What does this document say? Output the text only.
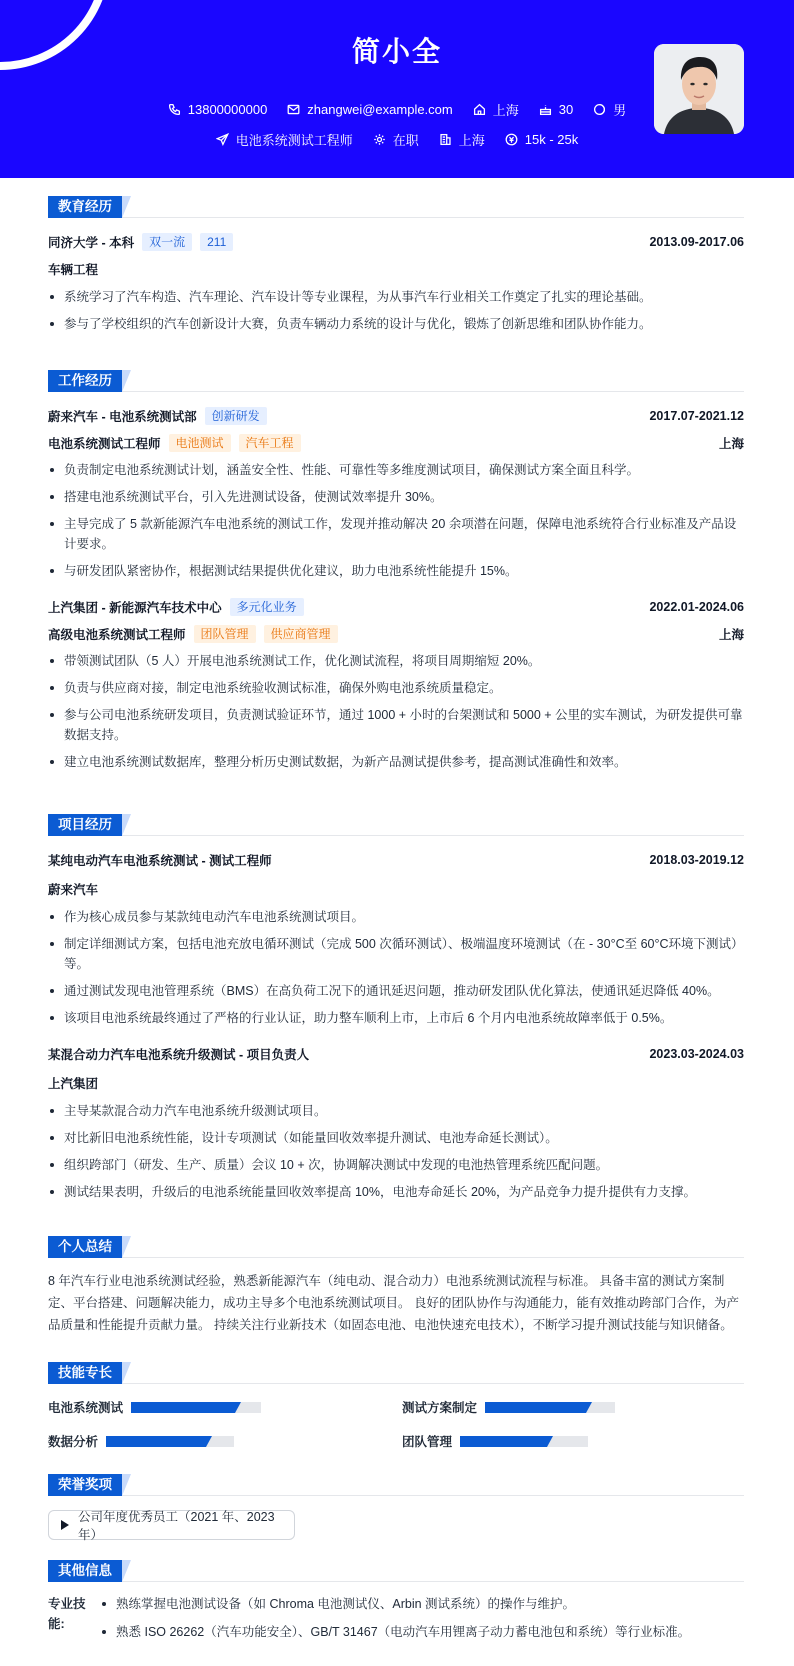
简小全
13800000000	zhangwei@example.com	上海	30	男
电池系统测试工程师	在职	上海	15k - 25k
教育经历
同济大学 - 本科	双一流	211	2013.09-2017.06
车辆工程
系统学习了汽车构造、汽车理论、汽车设计等专业课程，为从事汽车行业相关工作奠定了扎实的理论基础。
参与了学校组织的汽车创新设计大赛，负责车辆动力系统的设计与优化，锻炼了创新思维和团队协作能力。
工作经历
蔚来汽车 - 电池系统测试部	创新研发	2017.07-2021.12
电池系统测试工程师	电池测试	汽车工程	上海
负责制定电池系统测试计划，涵盖安全性、性能、可靠性等多维度测试项目，确保测试方案全面且科学。
搭建电池系统测试平台，引入先进测试设备，使测试效率提升 30%。
主导完成了 5 款新能源汽车电池系统的测试工作，发现并推动解决 20 余项潜在问题，保障电池系统符合行业标准及产品设计要求。
与研发团队紧密协作，根据测试结果提供优化建议，助力电池系统性能提升 15%。
上汽集团 - 新能源汽车技术中心	多元化业务	2022.01-2024.06
高级电池系统测试工程师	团队管理	供应商管理	上海
带领测试团队（5 人）开展电池系统测试工作，优化测试流程，将项目周期缩短 20%。
负责与供应商对接，制定电池系统验收测试标准，确保外购电池系统质量稳定。
参与公司电池系统研发项目，负责测试验证环节，通过 1000 + 小时的台架测试和 5000 + 公里的实车测试，为研发提供可靠数据支持。
建立电池系统测试数据库，整理分析历史测试数据，为新产品测试提供参考，提高测试准确性和效率。
项目经历
某纯电动汽车电池系统测试 - 测试工程师	2018.03-2019.12
蔚来汽车
作为核心成员参与某款纯电动汽车电池系统测试项目。
制定详细测试方案，包括电池充放电循环测试（完成 500 次循环测试）、极端温度环境测试（在 - 30°C至 60°C环境下测试）等。
通过测试发现电池管理系统（BMS）在高负荷工况下的通讯延迟问题，推动研发团队优化算法，使通讯延迟降低 40%。
该项目电池系统最终通过了严格的行业认证，助力整车顺利上市，上市后 6 个月内电池系统故障率低于 0.5%。
某混合动力汽车电池系统升级测试 - 项目负责人	2023.03-2024.03
上汽集团
主导某款混合动力汽车电池系统升级测试项目。
对比新旧电池系统性能，设计专项测试（如能量回收效率提升测试、电池寿命延长测试）。
组织跨部门（研发、生产、质量）会议 10 + 次，协调解决测试中发现的电池热管理系统匹配问题。
测试结果表明，升级后的电池系统能量回收效率提高 10%，电池寿命延长 20%，为产品竞争力提升提供有力支撑。
个人总结
8 年汽车行业电池系统测试经验，熟悉新能源汽车（纯电动、混合动力）电池系统测试流程与标准。 具备丰富的测试方案制定、平台搭建、问题解决能力，成功主导多个电池系统测试项目。 良好的团队协作与沟通能力，能有效推动跨部门合作，为产品质量和性能提升贡献力量。 持续关注行业新技术（如固态电池、电池快速充电技术），不断学习提升测试技能与知识储备。
技能专长
电池系统测试	测试方案制定
数据分析	团队管理
荣誉奖项
公司年度优秀员工（2021 年、2023 年）
其他信息
专业技能:
熟练掌握电池测试设备（如 Chroma 电池测试仪、Arbin 测试系统）的操作与维护。
熟悉 ISO 26262（汽车功能安全）、GB/T 31467（电动汽车用锂离子动力蓄电池包和系统）等行业标准。
